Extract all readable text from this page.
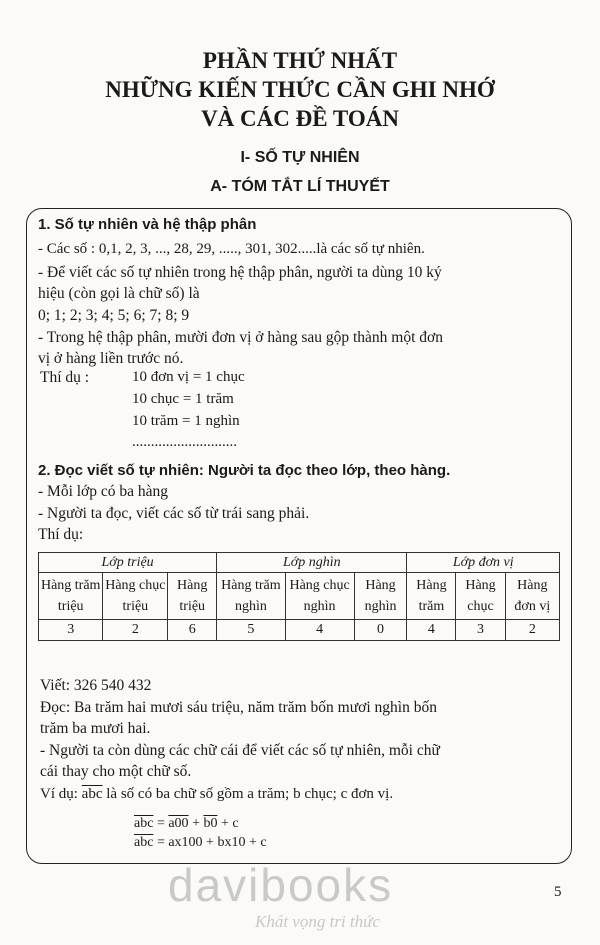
PHẦN THỨ NHẤT
NHỮNG KIẾN THỨC CẦN GHI NHỚ
VÀ CÁC ĐỀ TOÁN
I- SỐ TỰ NHIÊN
A- TÓM TẮT LÍ THUYẾT
1. Số tự nhiên và hệ thập phân
- Các số : 0,1, 2, 3, ..., 28, 29, ....., 301, 302.....là các số tự nhiên.
- Để viết các số tự nhiên trong hệ thập phân, người ta dùng 10 ký
hiệu (còn gọi là chữ số) là
0; 1; 2; 3; 4; 5; 6; 7; 8; 9
- Trong hệ thập phân, mười đơn vị ở hàng sau gộp thành một đơn
vị ở hàng liền trước nó.
Thí dụ :	10 đơn vị = 1 chục
10 chục = 1 trăm
10 trăm = 1 nghìn
............................
2. Đọc viết số tự nhiên: Người ta đọc theo lớp, theo hàng.
- Mỗi lớp có ba hàng
- Người ta đọc, viết các số từ trái sang phải.
Thí dụ:
Lớp triệu			Lớp nghìn			Lớp đơn vị		
Hàng trăm triệu	Hàng chục triệu	Hàng triệu	Hàng trăm nghìn	Hàng chục nghìn	Hàng nghìn	Hàng trăm	Hàng chục	Hàng đơn vị
3	2	6	5	4	0	4	3	2
Viết: 326 540 432
Đọc: Ba trăm hai mươi sáu triệu, năm trăm bốn mươi nghìn bốn
trăm ba mươi hai.
- Người ta còn dùng các chữ cái để viết các số tự nhiên, mỗi chữ
cái thay cho một chữ số.
Ví dụ: $\overline{abc}$ là số có ba chữ số gồm a trăm; b chục; c đơn vị.
$\overline{abc} = a00 + b0 + c$
$\overline{abc} = ax100 + bx10 + c$
davibooks
Khát vọng tri thức
5
